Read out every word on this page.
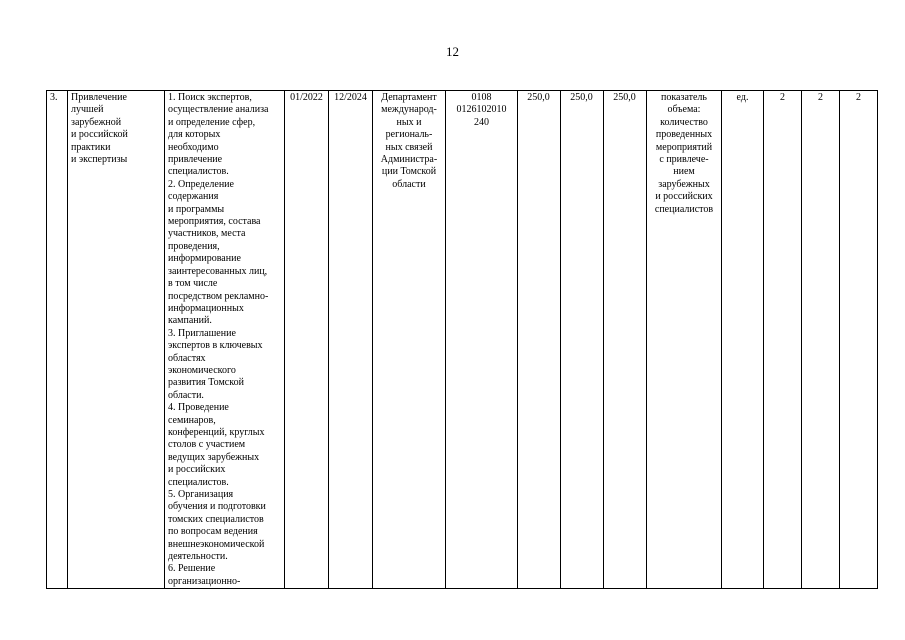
12
3.	Привлечение
лучшей
зарубежной
и российской
практики
и экспертизы	1. Поиск экспертов,
осуществление анализа
и определение сфер,
для которых
необходимо
привлечение
специалистов.
2. Определение
содержания
и программы
мероприятия, состава
участников, места
проведения,
информирование
заинтересованных лиц,
в том числе
посредством рекламно-
информационных
кампаний.
3. Приглашение
экспертов в ключевых
областях
экономического
развития Томской
области.
4. Проведение
семинаров,
конференций, круглых
столов с участием
ведущих зарубежных
и российских
специалистов.
5. Организация
обучения и подготовки
томских специалистов
по вопросам ведения
внешнеэкономической
деятельности.
6. Решение
организационно-	01/2022	12/2024	Департамент
международ-
ных и
региональ-
ных связей
Администра-
ции Томской
области	0108
0126102010
240	250,0	250,0	250,0	показатель
объема:
количество
проведенных
мероприятий
с привлече-
нием
зарубежных
и российских
специалистов	ед.	2	2	2
